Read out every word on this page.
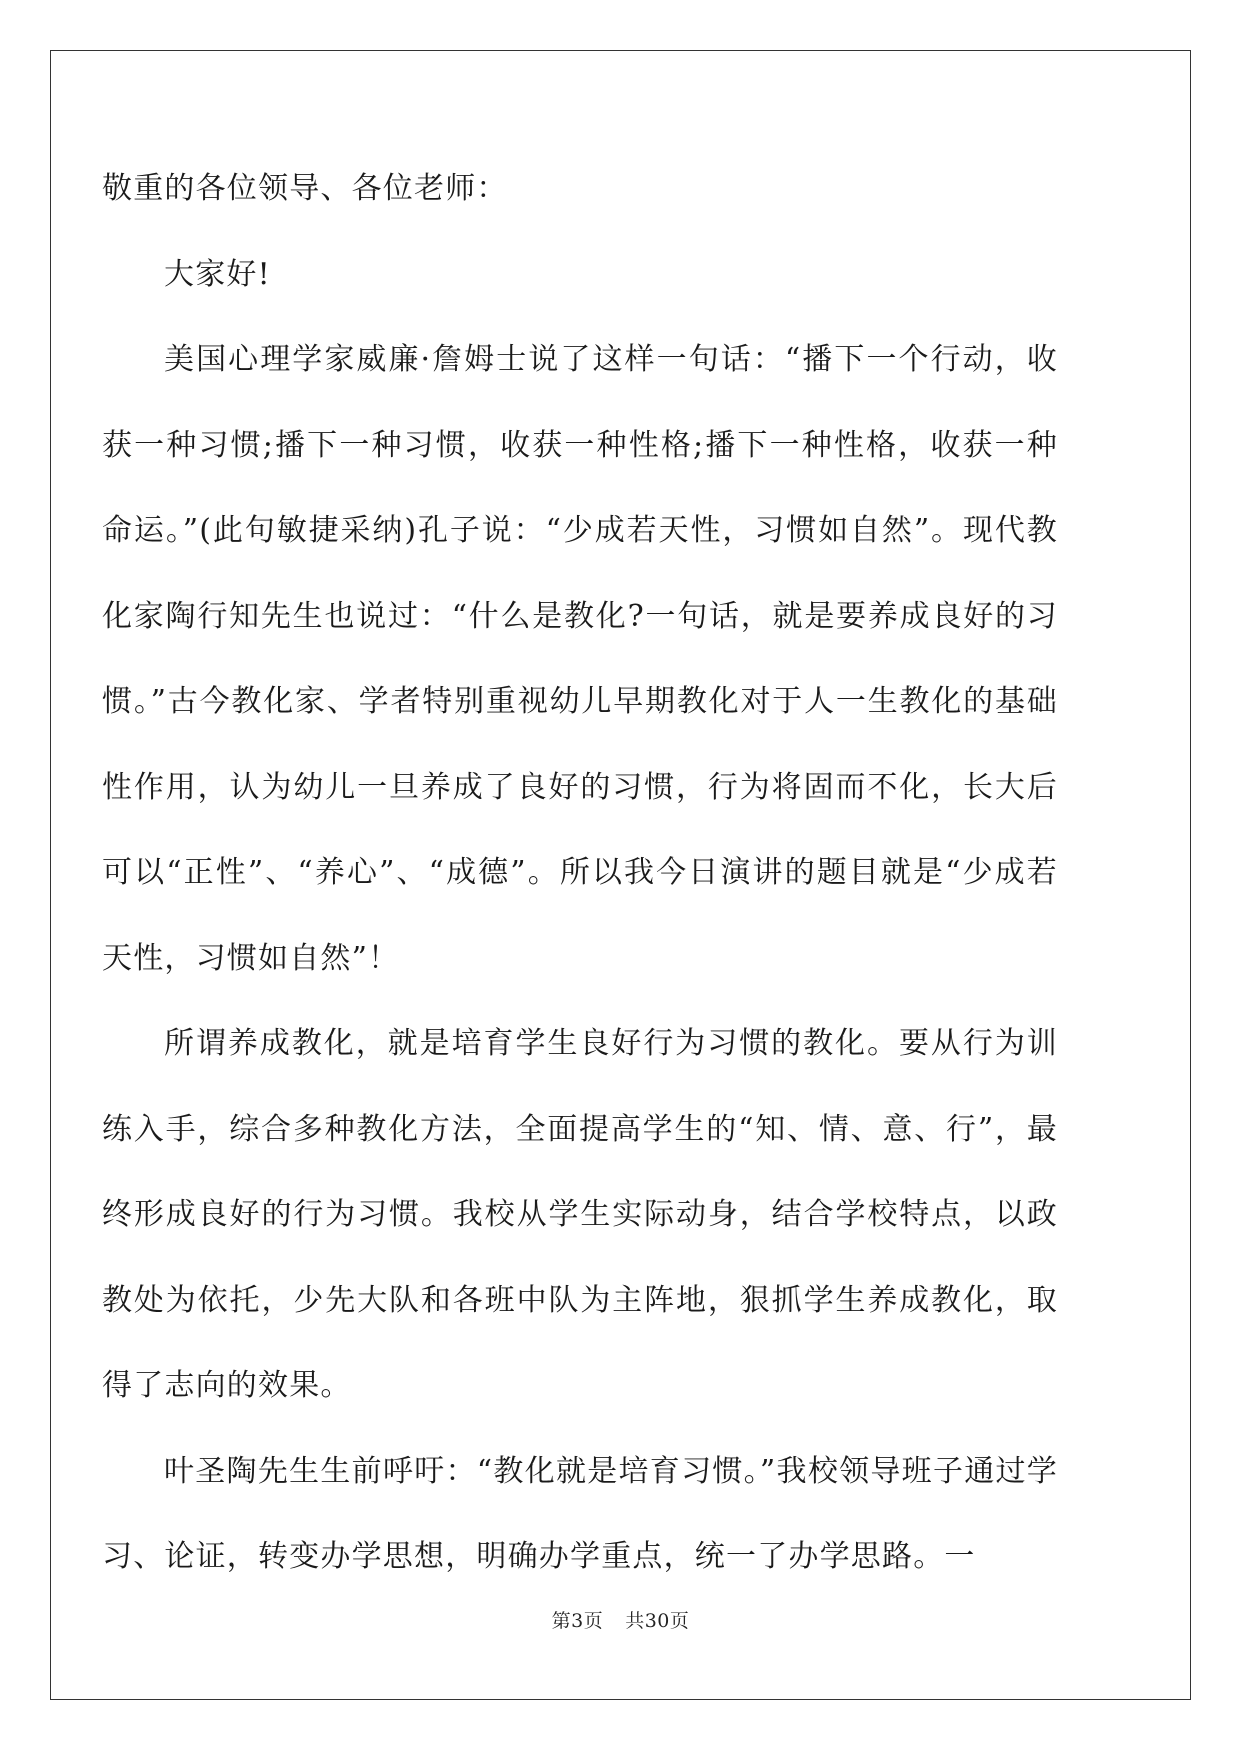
敬重的各位领导、各位老师：

大家好!

美国心理学家威廉·詹姆士说了这样一句话：“播下一个行动，收获一种习惯;播下一种习惯，收获一种性格;播下一种性格，收获一种命运。”(此句敏捷采纳)孔子说：“少成若天性，习惯如自然”。现代教化家陶行知先生也说过：“什么是教化?一句话，就是要养成良好的习惯。”古今教化家、学者特别重视幼儿早期教化对于人一生教化的基础性作用，认为幼儿一旦养成了良好的习惯，行为将固而不化，长大后可以“正性”、“养心”、“成德”。所以我今日演讲的题目就是“少成若天性，习惯如自然”！

所谓养成教化，就是培育学生良好行为习惯的教化。要从行为训练入手，综合多种教化方法，全面提高学生的“知、情、意、行”，最终形成良好的行为习惯。我校从学生实际动身，结合学校特点，以政教处为依托，少先大队和各班中队为主阵地，狠抓学生养成教化，取得了志向的效果。

叶圣陶先生生前呼吁：“教化就是培育习惯。”我校领导班子通过学习、论证，转变办学思想，明确办学重点，统一了办学思路。一

第3页 共30页
